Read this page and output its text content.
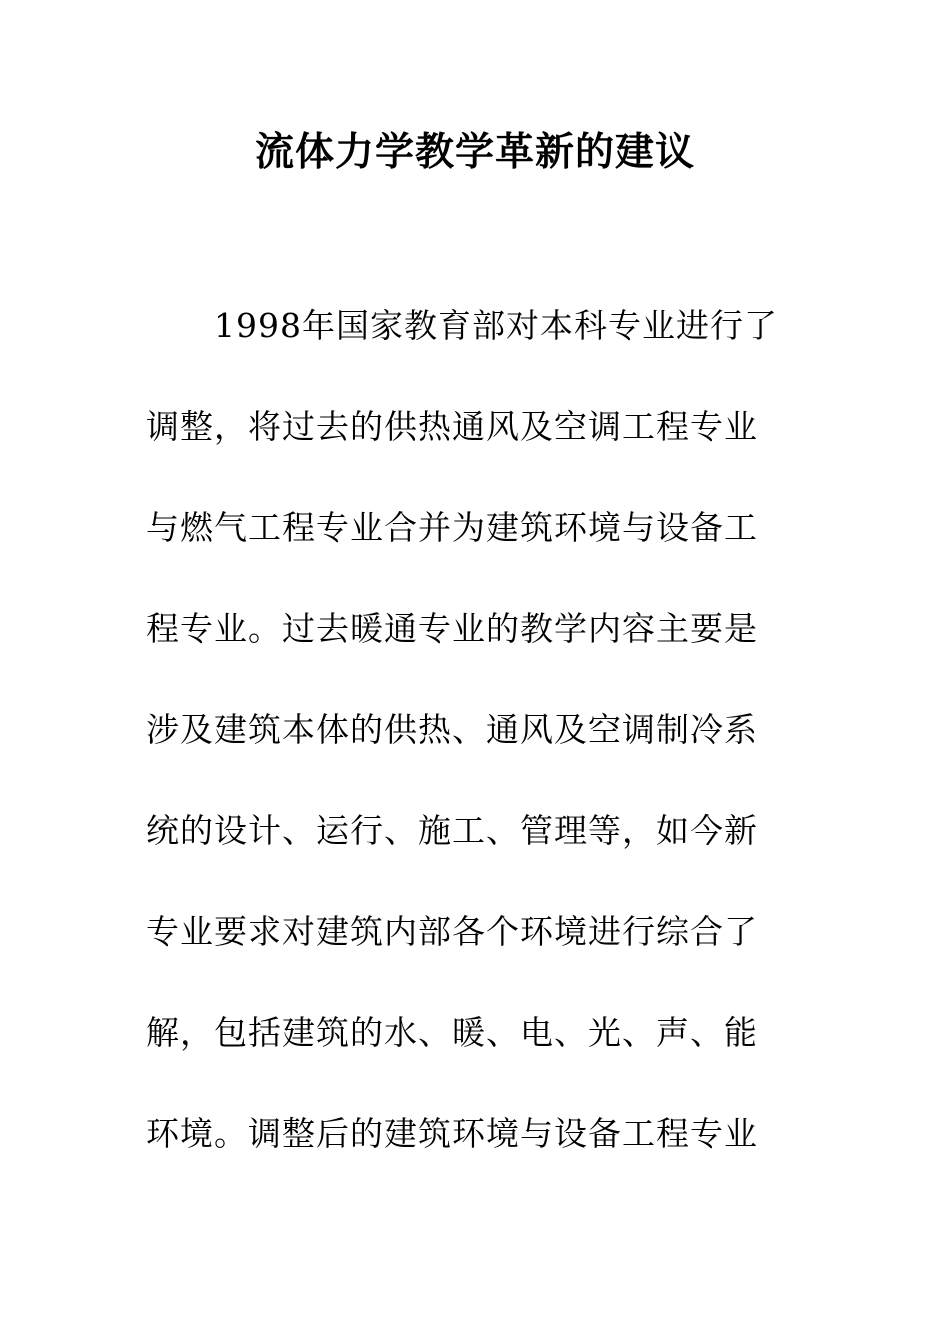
流体力学教学革新的建议
1998年国家教育部对本科专业进行了
调整，将过去的供热通风及空调工程专业
与燃气工程专业合并为建筑环境与设备工
程专业。过去暖通专业的教学内容主要是
涉及建筑本体的供热、通风及空调制冷系
统的设计、运行、施工、管理等，如今新
专业要求对建筑内部各个环境进行综合了
解，包括建筑的水、暖、电、光、声、能
环境。调整后的建筑环境与设备工程专业
